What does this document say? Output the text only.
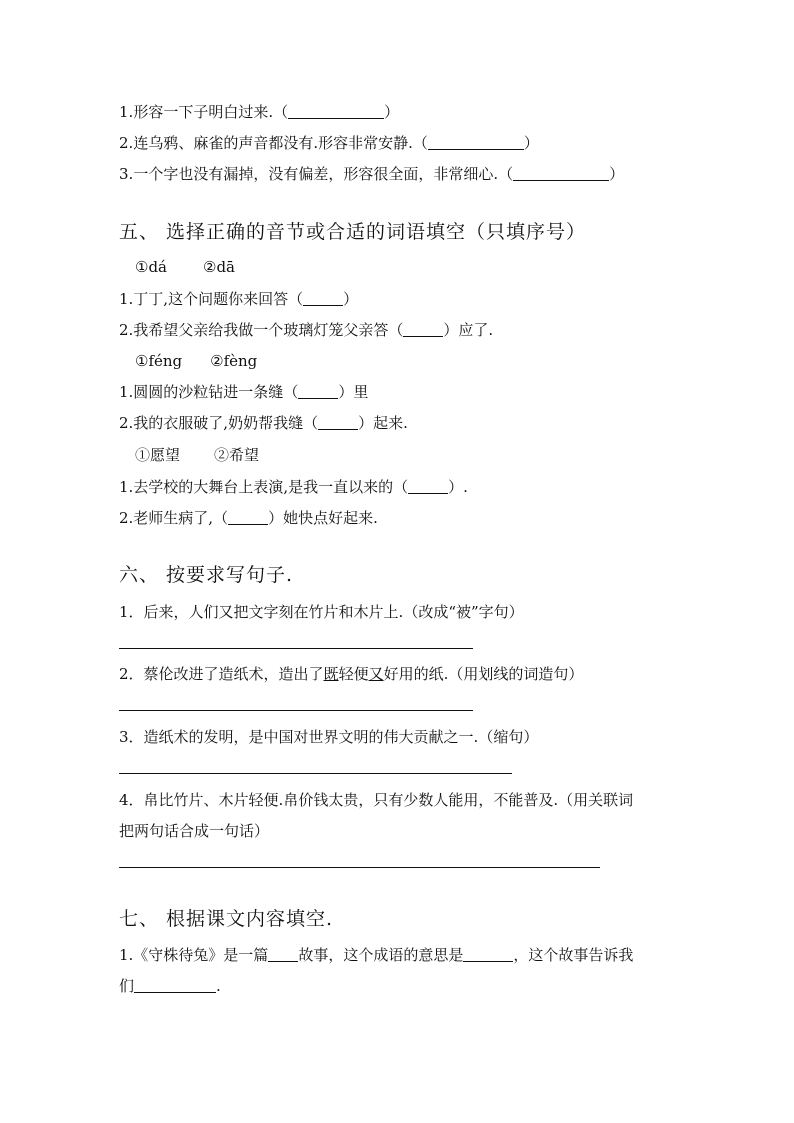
1.形容一下子明白过来.（	）
2.连乌鸦、麻雀的声音都没有.形容非常安静.（	）
3.一个字也没有漏掉，没有偏差，形容很全面，非常细心.（	）
五、 选择正确的音节或合适的词语填空（只填序号）
①dá ②dā
1.丁丁,这个问题你来回答（	）
2.我希望父亲给我做一个玻璃灯笼父亲答（	）应了.
①féng ②fèng
1.圆圆的沙粒钻进一条缝（	）里
2.我的衣服破了,奶奶帮我缝（	）起来.
①愿望 ②希望
1.去学校的大舞台上表演,是我一直以来的（	）.
2.老师生病了,（	）她快点好起来.
六、 按要求写句子.
1．后来，人们又把文字刻在竹片和木片上.（改成“被”字句）
2．蔡伦改进了造纸术，造出了既轻便又好用的纸.（用划线的词造句）
3．造纸术的发明，是中国对世界文明的伟大贡献之一.（缩句）
4．帛比竹片、木片轻便.帛价钱太贵，只有少数人能用，不能普及.（用关联词
把两句话合成一句话）
七、 根据课文内容填空.
1.《守株待兔》是一篇 故事，这个成语的意思是	，这个故事告诉我
们	.
